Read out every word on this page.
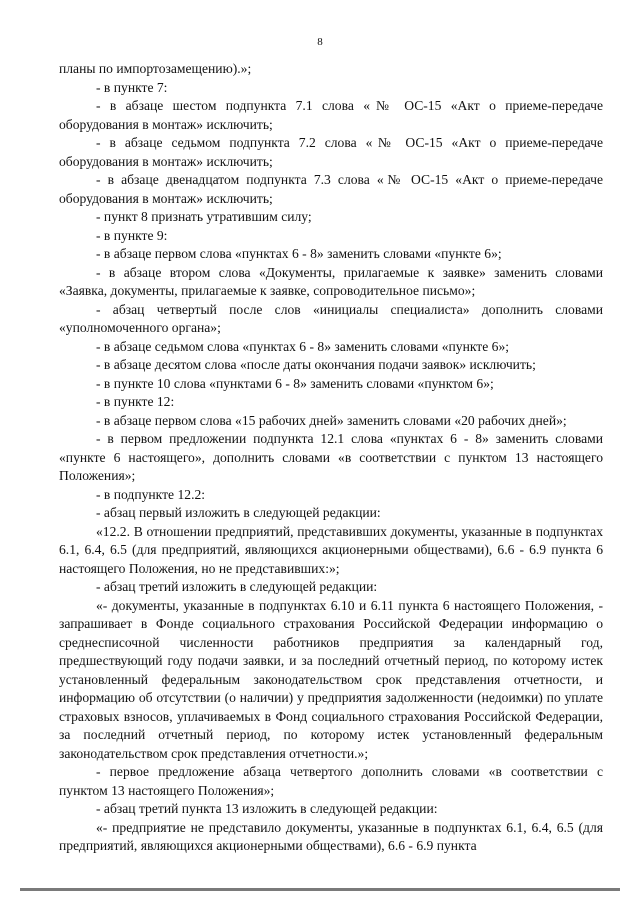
8

планы по импортозамещению).»;

- в пункте 7:

- в абзаце шестом подпункта 7.1 слова «№ ОС-15 «Акт о приеме-передаче оборудования в монтаж» исключить;

- в абзаце седьмом подпункта 7.2 слова «№ ОС-15 «Акт о приеме-передаче оборудования в монтаж» исключить;

- в абзаце двенадцатом подпункта 7.3 слова «№ ОС-15 «Акт о приеме-передаче оборудования в монтаж» исключить;

- пункт 8 признать утратившим силу;

- в пункте 9:

- в абзаце первом слова «пунктах 6 - 8» заменить словами «пункте 6»;

- в абзаце втором слова «Документы, прилагаемые к заявке» заменить словами «Заявка, документы, прилагаемые к заявке, сопроводительное письмо»;

- абзац четвертый после слов «инициалы специалиста» дополнить словами «уполномоченного органа»;

- в абзаце седьмом слова «пунктах 6 - 8» заменить словами «пункте 6»;

- в абзаце десятом слова «после даты окончания подачи заявок» исключить;

- в пункте 10 слова «пунктами 6 - 8» заменить словами «пунктом 6»;

- в пункте 12:

- в абзаце первом слова «15 рабочих дней» заменить словами «20 рабочих дней»;

- в первом предложении подпункта 12.1 слова «пунктах 6 - 8» заменить словами «пункте 6 настоящего», дополнить словами «в соответствии с пунктом 13 настоящего Положения»;

- в подпункте 12.2:

- абзац первый изложить в следующей редакции:

«12.2. В отношении предприятий, представивших документы, указанные в подпунктах 6.1, 6.4, 6.5 (для предприятий, являющихся акционерными обществами), 6.6 - 6.9 пункта 6 настоящего Положения, но не представивших:»;

- абзац третий изложить в следующей редакции:

«- документы, указанные в подпунктах 6.10 и 6.11 пункта 6 настоящего Положения, - запрашивает в Фонде социального страхования Российской Федерации информацию о среднесписочной численности работников предприятия за календарный год, предшествующий году подачи заявки, и за последний отчетный период, по которому истек установленный федеральным законодательством срок представления отчетности, и информацию об отсутствии (о наличии) у предприятия задолженности (недоимки) по уплате страховых взносов, уплачиваемых в Фонд социального страхования Российской Федерации, за последний отчетный период, по которому истек установленный федеральным законодательством срок представления отчетности.»;

- первое предложение абзаца четвертого дополнить словами «в соответствии с пунктом 13 настоящего Положения»;

- абзац третий пункта 13 изложить в следующей редакции:

«- предприятие не представило документы, указанные в подпунктах 6.1, 6.4, 6.5 (для предприятий, являющихся акционерными обществами), 6.6 - 6.9 пункта
